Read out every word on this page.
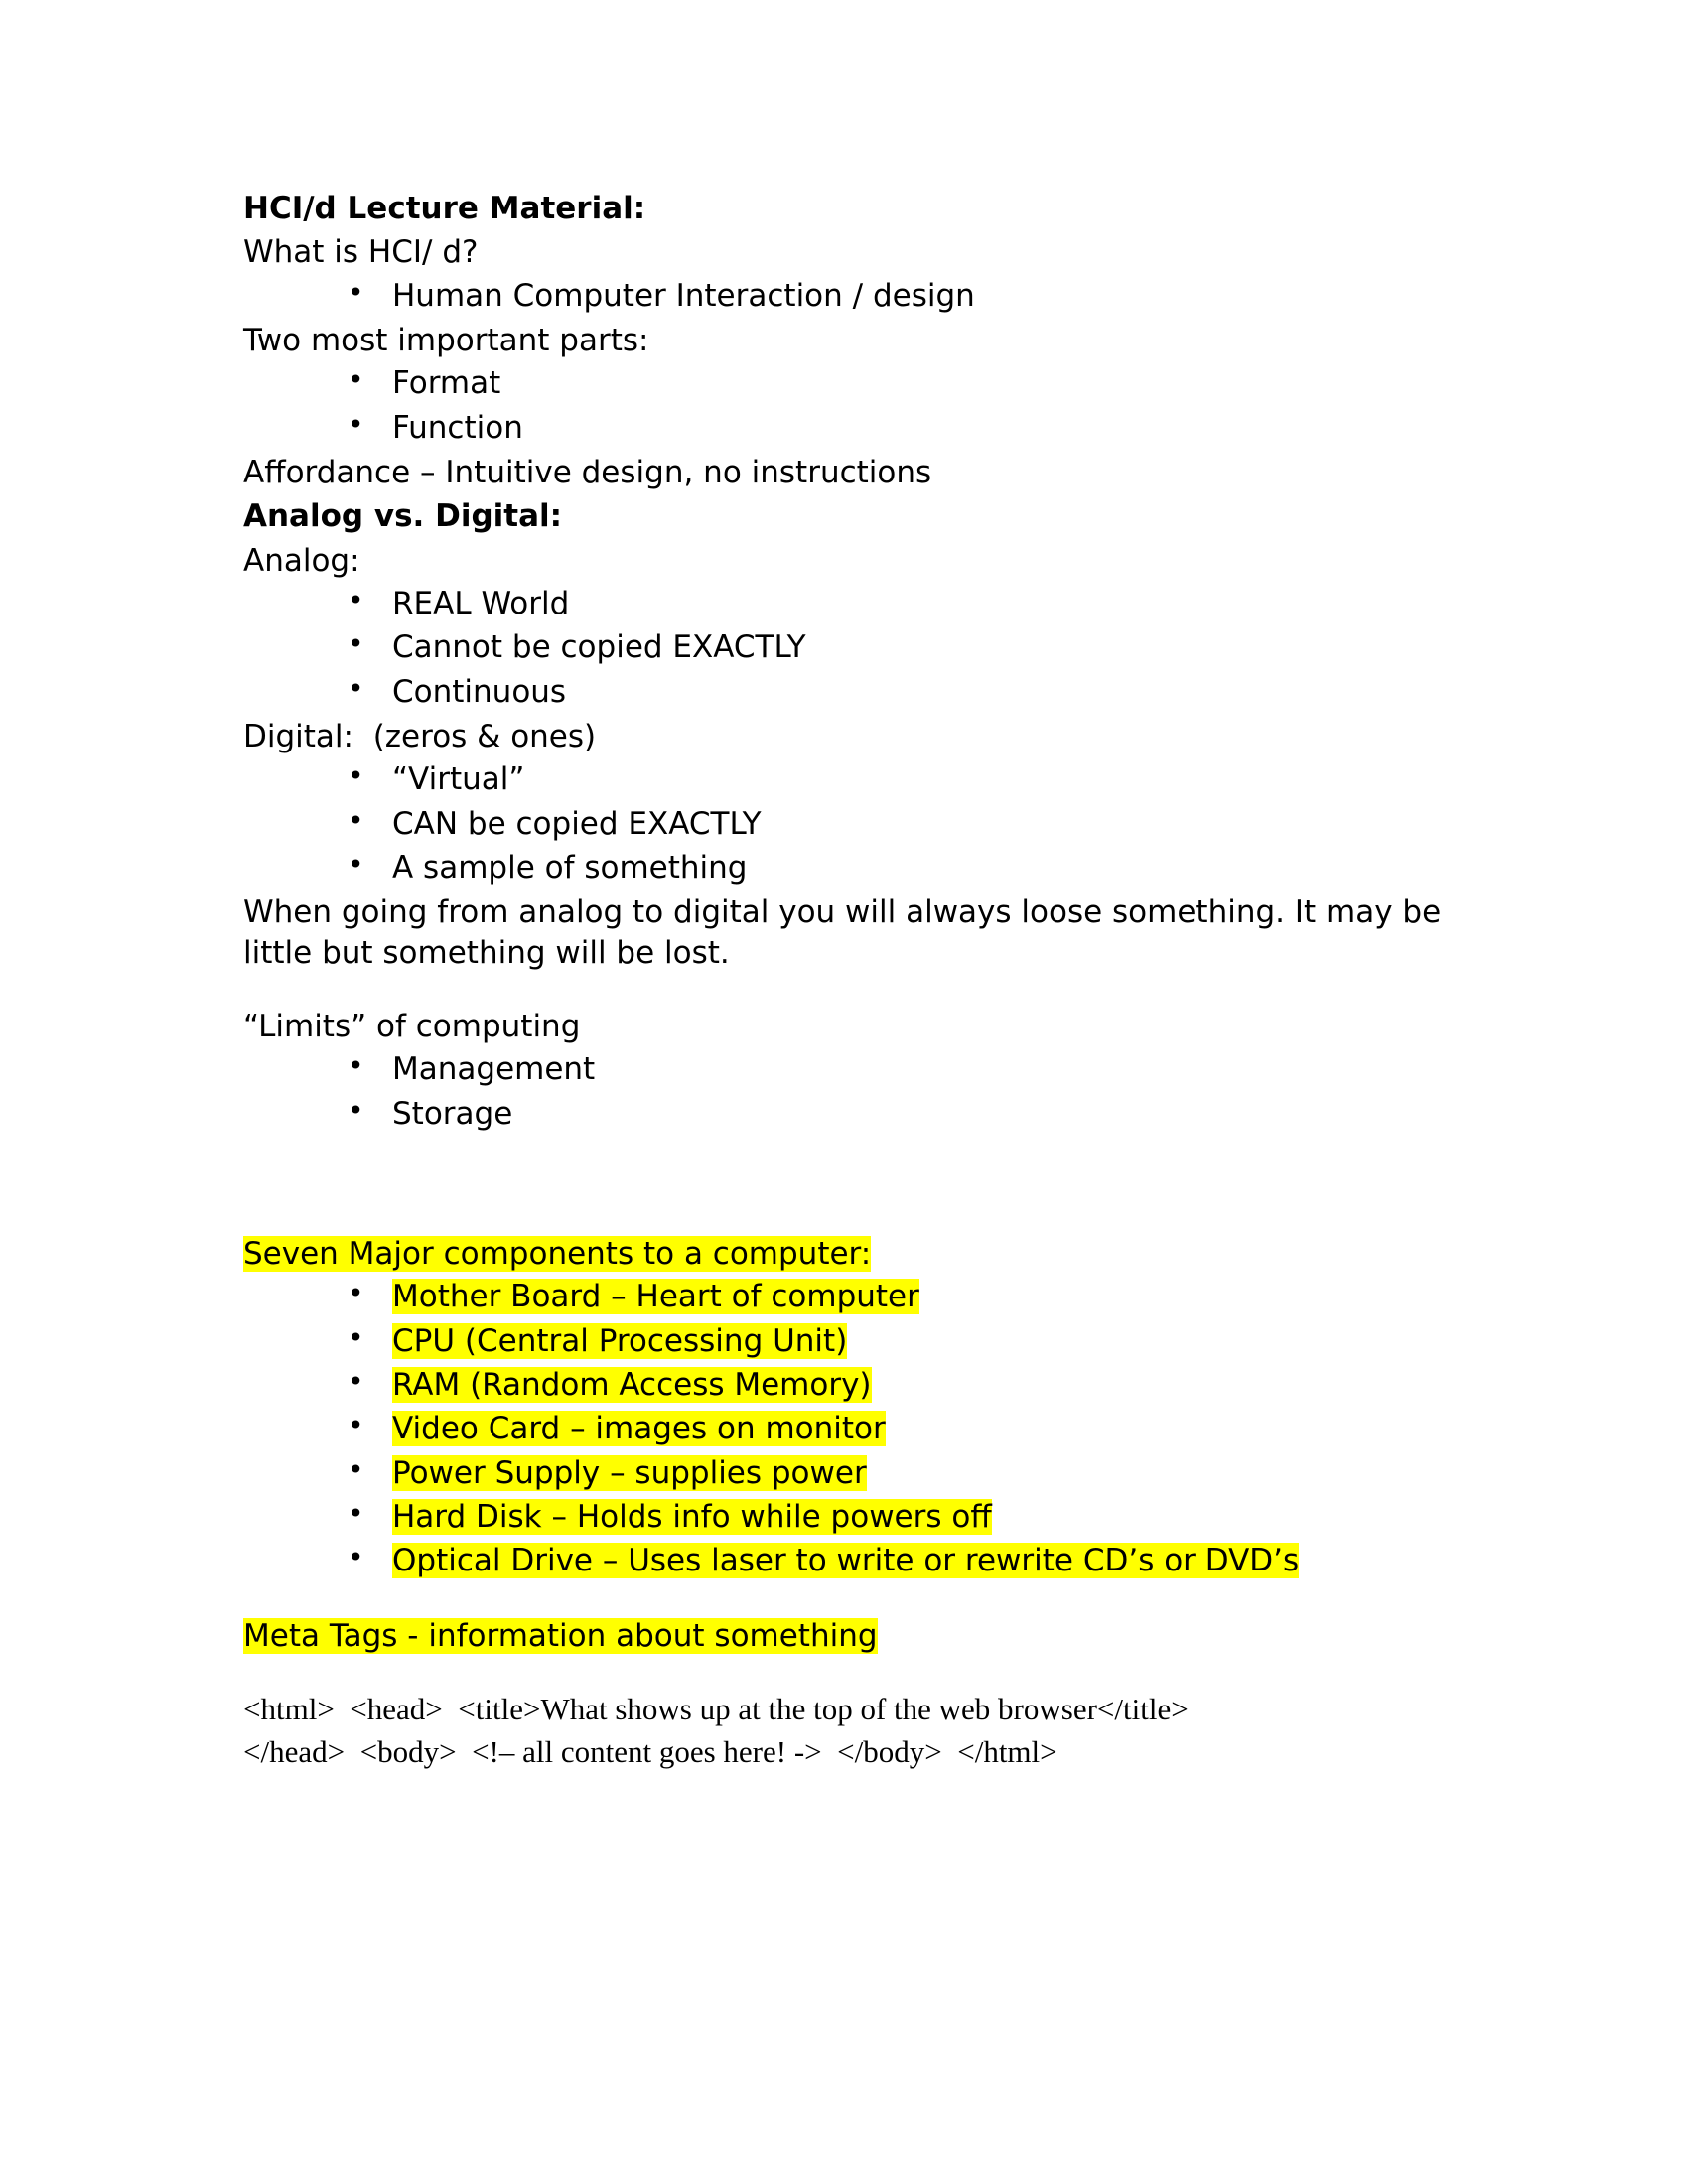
HCI/d Lecture Material:
What is HCI/ d?
• Human Computer Interaction / design
Two most important parts:
• Format
• Function
Affordance – Intuitive design, no instructions
Analog vs. Digital:
Analog:
• REAL World
• Cannot be copied EXACTLY
• Continuous
Digital:  (zeros & ones)
• “Virtual”
• CAN be copied EXACTLY
• A sample of something
When going from analog to digital you will always loose something. It may be little but something will be lost.
“Limits” of computing
• Management
• Storage
Seven Major components to a computer:
• Mother Board – Heart of computer
• CPU (Central Processing Unit)
• RAM (Random Access Memory)
• Video Card – images on monitor
• Power Supply – supplies power
• Hard Disk – Holds info while powers off
• Optical Drive – Uses laser to write or rewrite CD’s or DVD’s
Meta Tags - information about something
<html>  <head>  <title>What shows up at the top of the web browser</title>
</head>  <body>  <!– all content goes here! ->  </body>  </html>
